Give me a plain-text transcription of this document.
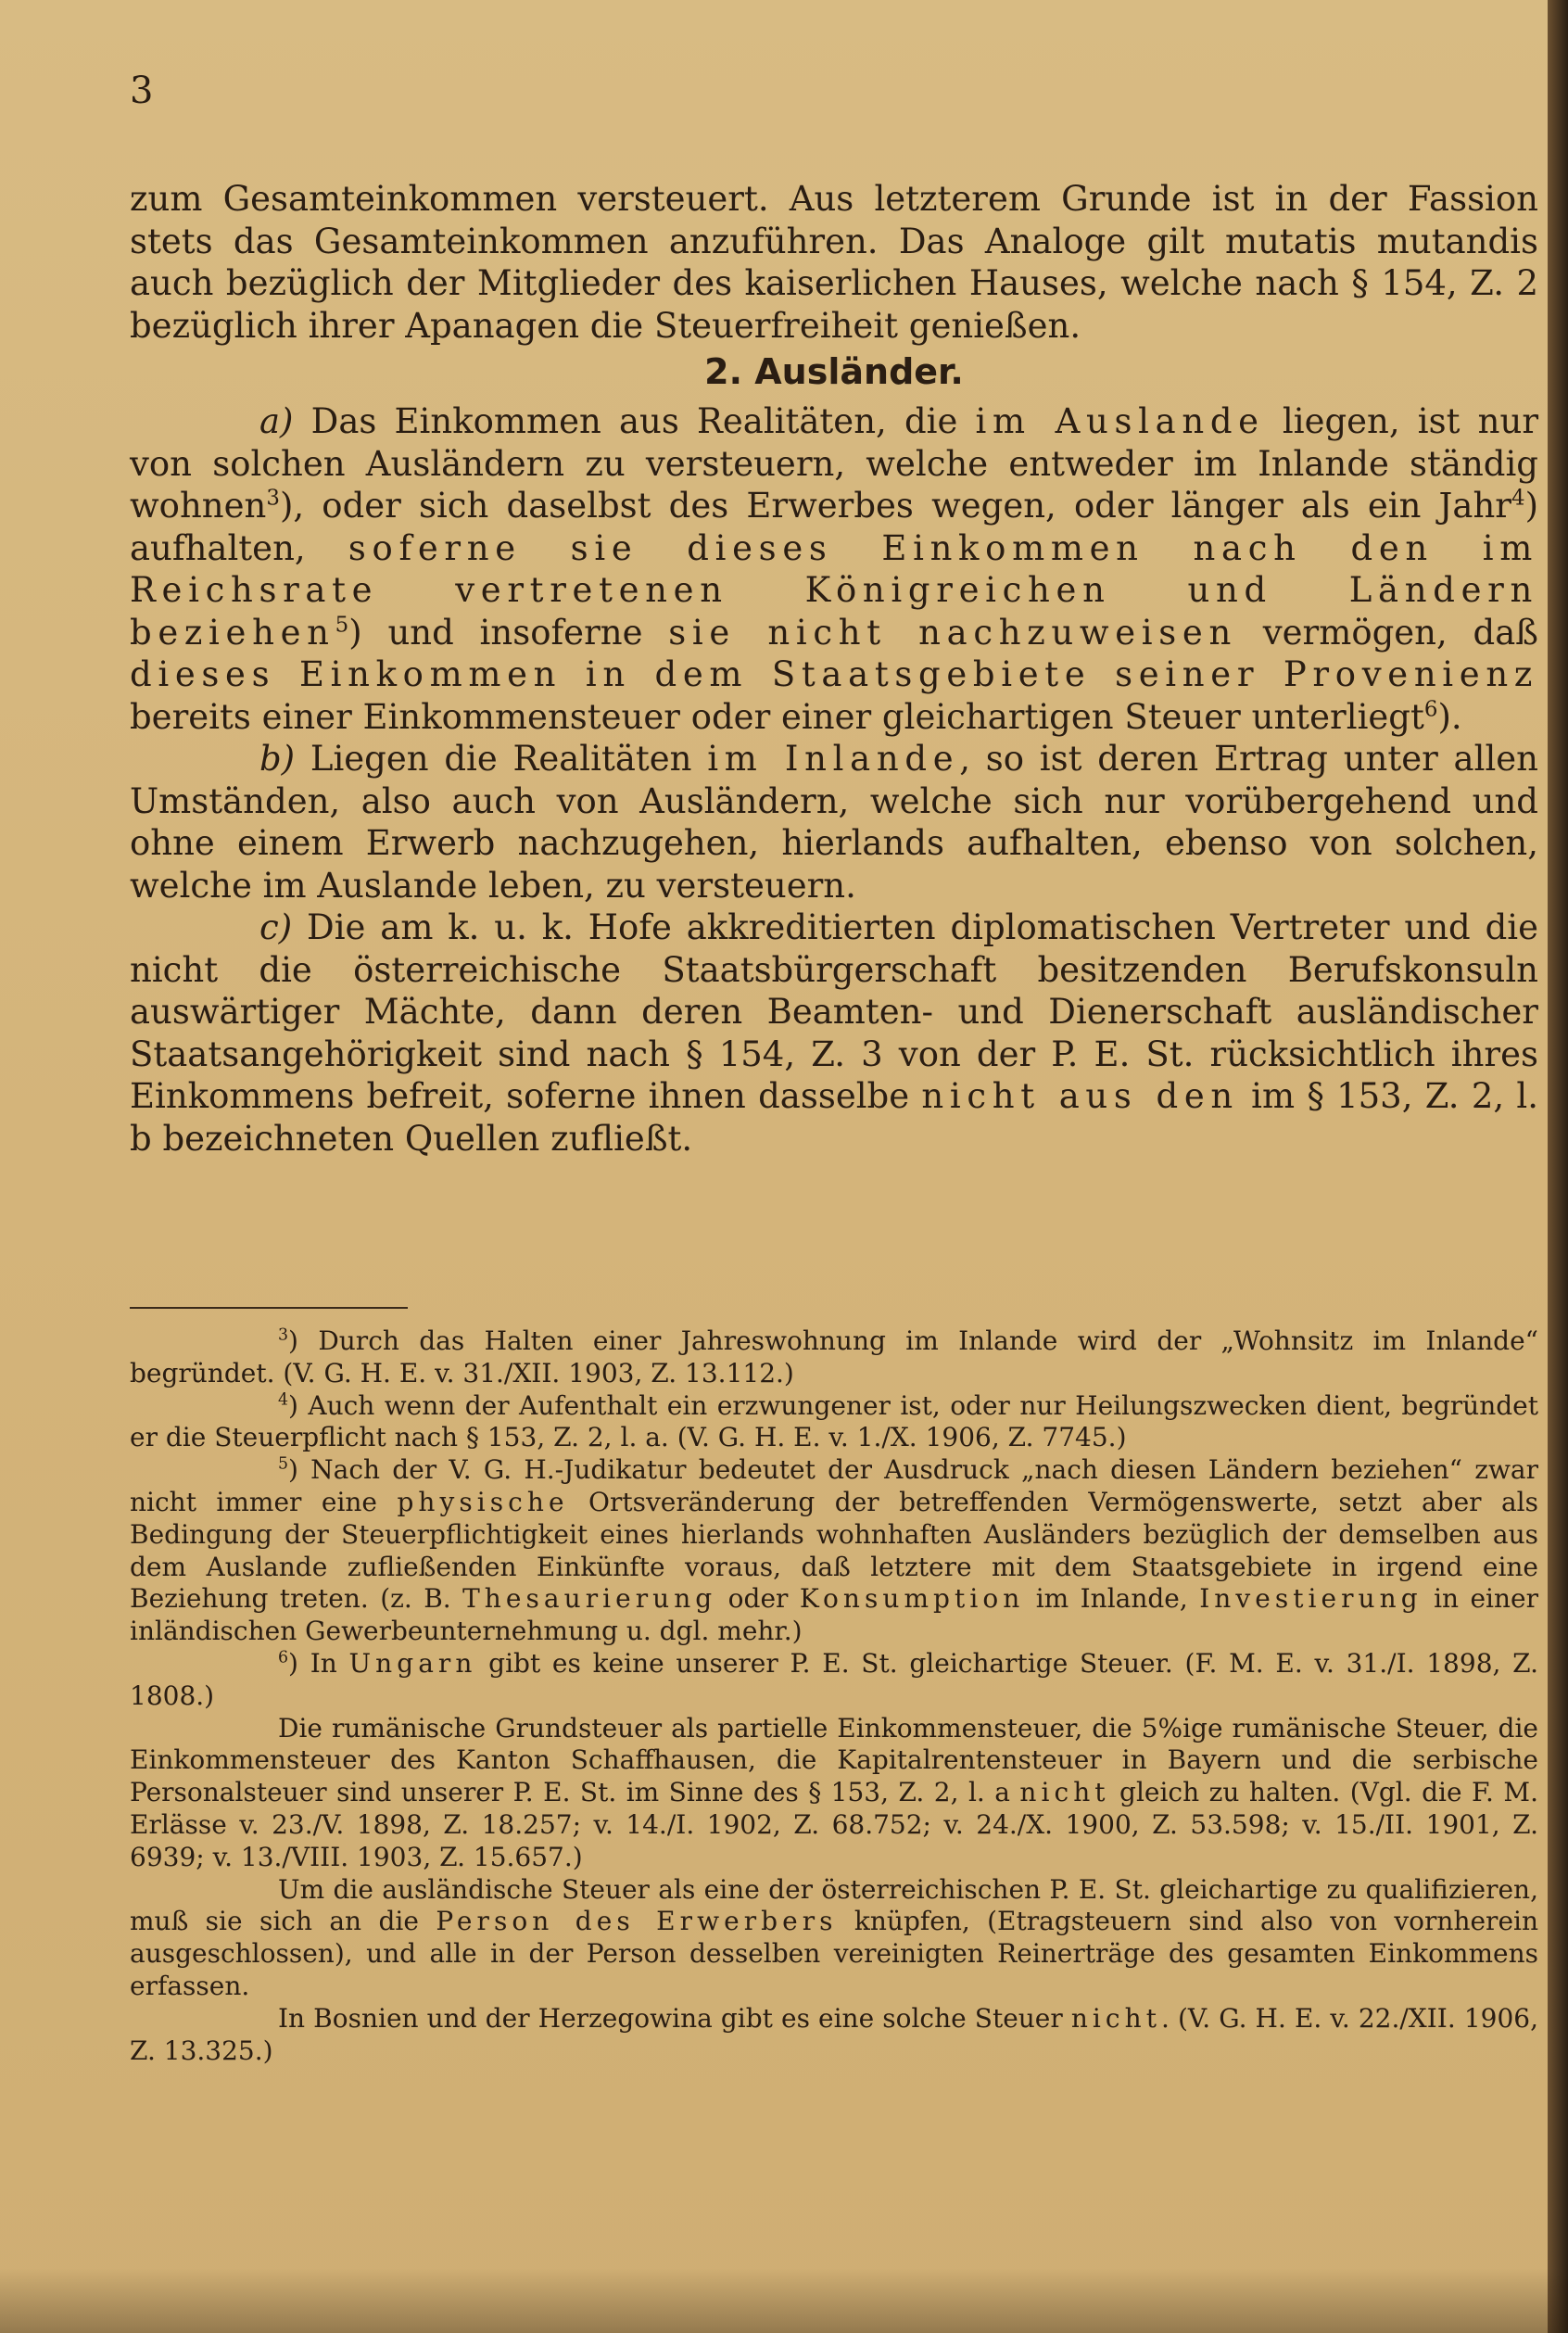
3

zum Gesamteinkommen versteuert. Aus letzterem Grunde ist in der Fassion stets das Gesamteinkommen anzuführen. Das Analoge gilt mutatis mutandis auch bezüglich der Mitglieder des kaiserlichen Hauses, welche nach § 154, Z. 2 bezüglich ihrer Apanagen die Steuerfreiheit genießen.

2. Ausländer.

a) Das Einkommen aus Realitäten, die im Auslande liegen, ist nur von solchen Ausländern zu versteuern, welche entweder im Inlande ständig wohnen$^3$), oder sich daselbst des Erwerbes wegen, oder länger als ein Jahr$^4$) aufhalten, soferne sie dieses Einkommen nach den im Reichsrate vertretenen Königreichen und Ländern beziehen$^5$) und insoferne sie nicht nachzuweisen vermögen, daß dieses Einkommen in dem Staatsgebiete seiner Provenienz bereits einer Einkommensteuer oder einer gleichartigen Steuer unterliegt$^6$).

b) Liegen die Realitäten im Inlande, so ist deren Ertrag unter allen Umständen, also auch von Ausländern, welche sich nur vorübergehend und ohne einem Erwerb nachzugehen, hierlands aufhalten, ebenso von solchen, welche im Auslande leben, zu versteuern.

c) Die am k. u. k. Hofe akkreditierten diplomatischen Vertreter und die nicht die österreichische Staatsbürgerschaft besitzenden Berufskonsuln auswärtiger Mächte, dann deren Beamten- und Dienerschaft ausländischer Staatsangehörigkeit sind nach § 154, Z. 3 von der P. E. St. rücksichtlich ihres Einkommens befreit, soferne ihnen dasselbe nicht aus den im § 153, Z. 2, l. b bezeichneten Quellen zufließt.

$^3$) Durch das Halten einer Jahreswohnung im Inlande wird der „Wohnsitz im Inlande“ begründet. (V. G. H. E. v. 31./XII. 1903, Z. 13.112.)

$^4$) Auch wenn der Aufenthalt ein erzwungener ist, oder nur Heilungszwecken dient, begründet er die Steuerpflicht nach § 153, Z. 2, l. a. (V. G. H. E. v. 1./X. 1906, Z. 7745.)

$^5$) Nach der V. G. H.-Judikatur bedeutet der Ausdruck „nach diesen Ländern beziehen“ zwar nicht immer eine physische Ortsveränderung der betreffenden Vermögenswerte, setzt aber als Bedingung der Steuerpflichtigkeit eines hierlands wohnhaften Ausländers bezüglich der demselben aus dem Auslande zufließenden Einkünfte voraus, daß letztere mit dem Staatsgebiete in irgend eine Beziehung treten. (z. B. Thesaurierung oder Konsumption im Inlande, Investierung in einer inländischen Gewerbeunternehmung u. dgl. mehr.)

$^6$) In Ungarn gibt es keine unserer P. E. St. gleichartige Steuer. (F. M. E. v. 31./I. 1898, Z. 1808.)

Die rumänische Grundsteuer als partielle Einkommensteuer, die 5%ige rumänische Steuer, die Einkommensteuer des Kanton Schaffhausen, die Kapitalrentensteuer in Bayern und die serbische Personalsteuer sind unserer P. E. St. im Sinne des § 153, Z. 2, l. a nicht gleich zu halten. (Vgl. die F. M. Erlässe v. 23./V. 1898, Z. 18.257; v. 14./I. 1902, Z. 68.752; v. 24./X. 1900, Z. 53.598; v. 15./II. 1901, Z. 6939; v. 13./VIII. 1903, Z. 15.657.)

Um die ausländische Steuer als eine der österreichischen P. E. St. gleichartige zu qualifizieren, muß sie sich an die Person des Erwerbers knüpfen, (Etragsteuern sind also von vornherein ausgeschlossen), und alle in der Person desselben vereinigten Reinerträge des gesamten Einkommens erfassen.

In Bosnien und der Herzegowina gibt es eine solche Steuer nicht. (V. G. H. E. v. 22./XII. 1906, Z. 13.325.)
